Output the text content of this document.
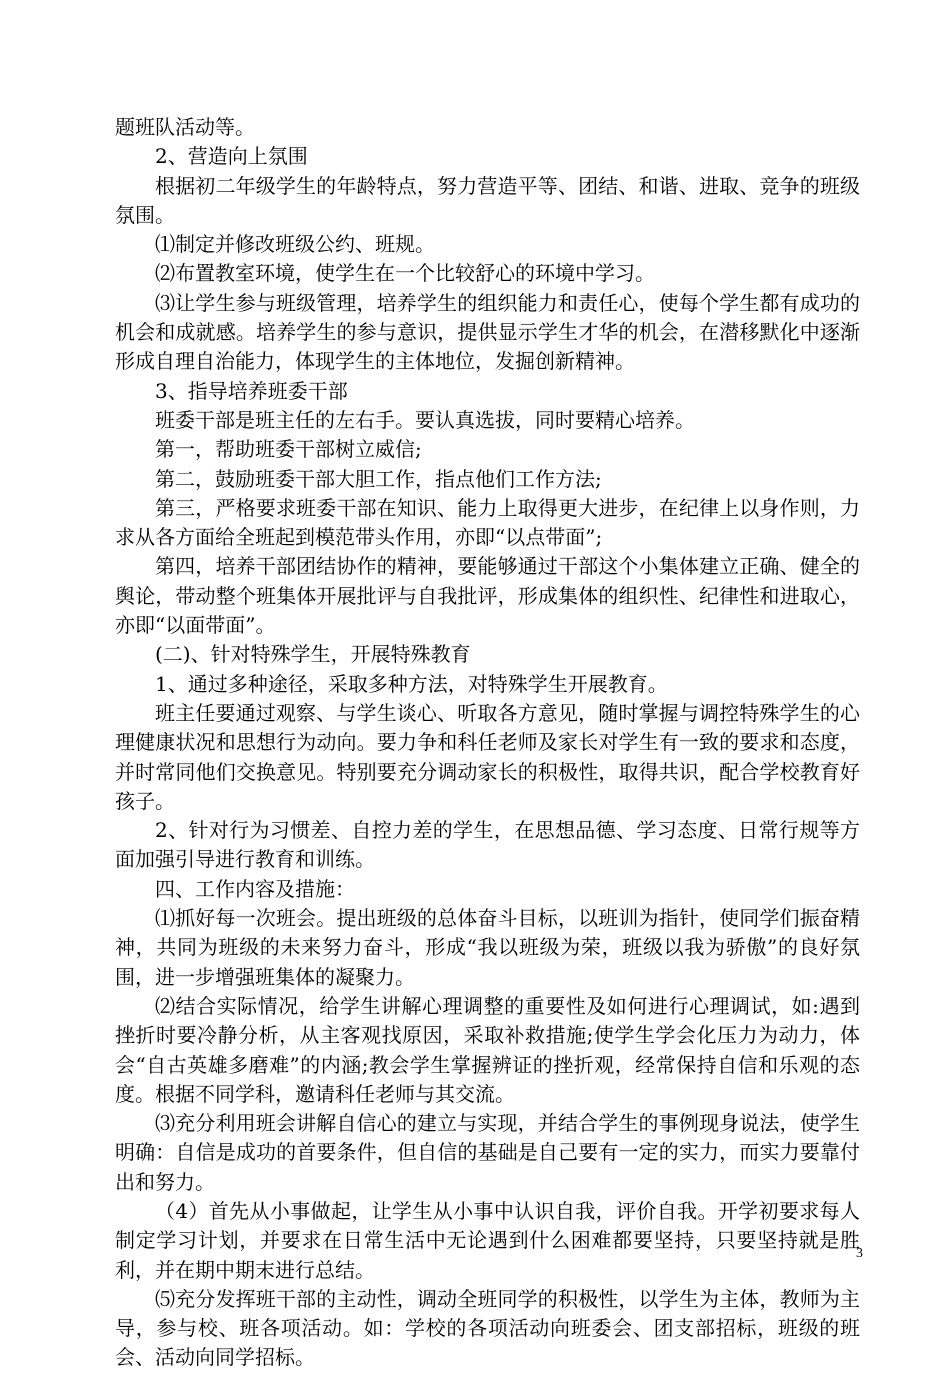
题班队活动等。

2、营造向上氛围

根据初二年级学生的年龄特点，努力营造平等、团结、和谐、进取、竞争的班级氛围。

⑴制定并修改班级公约、班规。

⑵布置教室环境，使学生在一个比较舒心的环境中学习。

⑶让学生参与班级管理，培养学生的组织能力和责任心，使每个学生都有成功的机会和成就感。培养学生的参与意识，提供显示学生才华的机会，在潜移默化中逐渐形成自理自治能力，体现学生的主体地位，发掘创新精神。

3、指导培养班委干部

班委干部是班主任的左右手。要认真选拔，同时要精心培养。

第一，帮助班委干部树立威信;

第二，鼓励班委干部大胆工作，指点他们工作方法;

第三，严格要求班委干部在知识、能力上取得更大进步，在纪律上以身作则，力求从各方面给全班起到模范带头作用，亦即“以点带面”;

第四，培养干部团结协作的精神，要能够通过干部这个小集体建立正确、健全的舆论，带动整个班集体开展批评与自我批评，形成集体的组织性、纪律性和进取心，亦即“以面带面”。

(二)、针对特殊学生，开展特殊教育

1、通过多种途径，采取多种方法，对特殊学生开展教育。

班主任要通过观察、与学生谈心、听取各方意见，随时掌握与调控特殊学生的心理健康状况和思想行为动向。要力争和科任老师及家长对学生有一致的要求和态度，并时常同他们交换意见。特别要充分调动家长的积极性，取得共识，配合学校教育好孩子。

2、针对行为习惯差、自控力差的学生，在思想品德、学习态度、日常行规等方面加强引导进行教育和训练。

四、工作内容及措施：

⑴抓好每一次班会。提出班级的总体奋斗目标，以班训为指针，使同学们振奋精神，共同为班级的未来努力奋斗，形成“我以班级为荣，班级以我为骄傲”的良好氛围，进一步增强班集体的凝聚力。

⑵结合实际情况，给学生讲解心理调整的重要性及如何进行心理调试，如:遇到挫折时要冷静分析，从主客观找原因，采取补救措施;使学生学会化压力为动力，体会“自古英雄多磨难”的内涵;教会学生掌握辨证的挫折观，经常保持自信和乐观的态度。根据不同学科，邀请科任老师与其交流。

⑶充分利用班会讲解自信心的建立与实现，并结合学生的事例现身说法，使学生明确：自信是成功的首要条件，但自信的基础是自己要有一定的实力，而实力要靠付出和努力。

（4）首先从小事做起，让学生从小事中认识自我，评价自我。开学初要求每人制定学习计划，并要求在日常生活中无论遇到什么困难都要坚持，只要坚持就是胜利，并在期中期末进行总结。

⑸充分发挥班干部的主动性，调动全班同学的积极性，以学生为主体，教师为主导，参与校、班各项活动。如：学校的各项活动向班委会、团支部招标，班级的班会、活动向同学招标。

3
